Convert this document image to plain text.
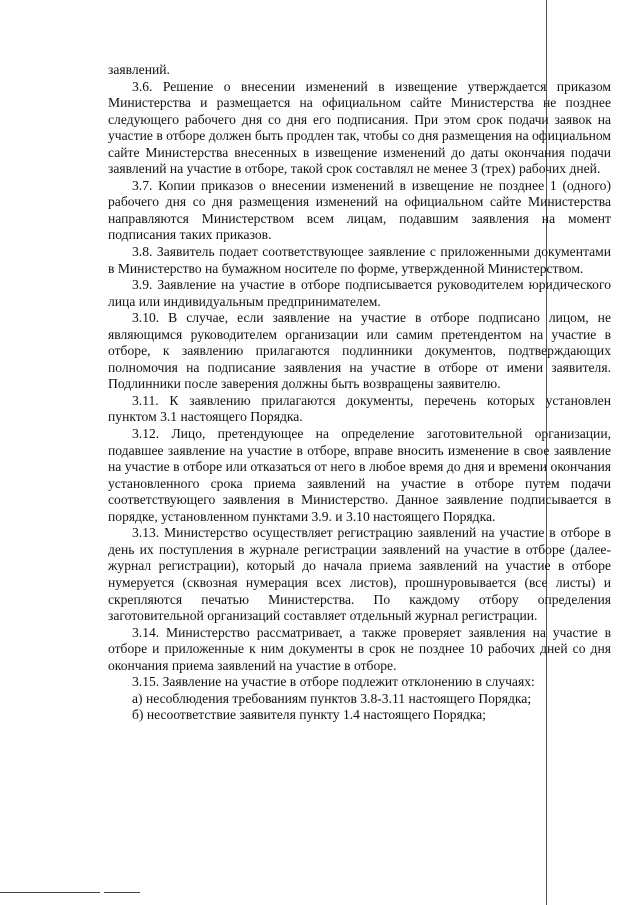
заявлений.

3.6. Решение о внесении изменений в извещение утверждается приказом Министерства и размещается на официальном сайте Министерства не позднее следующего рабочего дня со дня его подписания. При этом срок подачи заявок на участие в отборе должен быть продлен так, чтобы со дня размещения на официальном сайте Министерства внесенных в извещение изменений до даты окончания подачи заявлений на участие в отборе, такой срок составлял не менее 3 (трех) рабочих дней.

3.7. Копии приказов о внесении изменений в извещение не позднее 1 (одного) рабочего дня со дня размещения изменений на официальном сайте Министерства направляются Министерством всем лицам, подавшим заявления на момент подписания таких приказов.

3.8. Заявитель подает соответствующее заявление с приложенными документами в Министерство на бумажном носителе по форме, утвержденной Министерством.

3.9. Заявление на участие в отборе подписывается руководителем юридического лица или индивидуальным предпринимателем.

3.10. В случае, если заявление на участие в отборе подписано лицом, не являющимся руководителем организации или самим претендентом на участие в отборе, к заявлению прилагаются подлинники документов, подтверждающих полномочия на подписание заявления на участие в отборе от имени заявителя. Подлинники после заверения должны быть возвращены заявителю.

3.11. К заявлению прилагаются документы, перечень которых установлен пунктом 3.1 настоящего Порядка.

3.12. Лицо, претендующее на определение заготовительной организации, подавшее заявление на участие в отборе, вправе вносить изменение в свое заявление на участие в отборе или отказаться от него в любое время до дня и времени окончания установленного срока приема заявлений на участие в отборе путем подачи соответствующего заявления в Министерство. Данное заявление подписывается в порядке, установленном пунктами 3.9. и 3.10 настоящего Порядка.

3.13. Министерство осуществляет регистрацию заявлений на участие в отборе в день их поступления в журнале регистрации заявлений на участие в отборе (далее-журнал регистрации), который до начала приема заявлений на участие в отборе нумеруется (сквозная нумерация всех листов), прошнуровывается (все листы) и скрепляются печатью Министерства. По каждому отбору определения заготовительной организаций составляет отдельный журнал регистрации.

3.14. Министерство рассматривает, а также проверяет заявления на участие в отборе и приложенные к ним документы в срок не позднее 10 рабочих дней со дня окончания приема заявлений на участие в отборе.

3.15. Заявление на участие в отборе подлежит отклонению в случаях:

а) несоблюдения требованиям пунктов 3.8-3.11 настоящего Порядка;

б) несоответствие заявителя пункту 1.4 настоящего Порядка;
